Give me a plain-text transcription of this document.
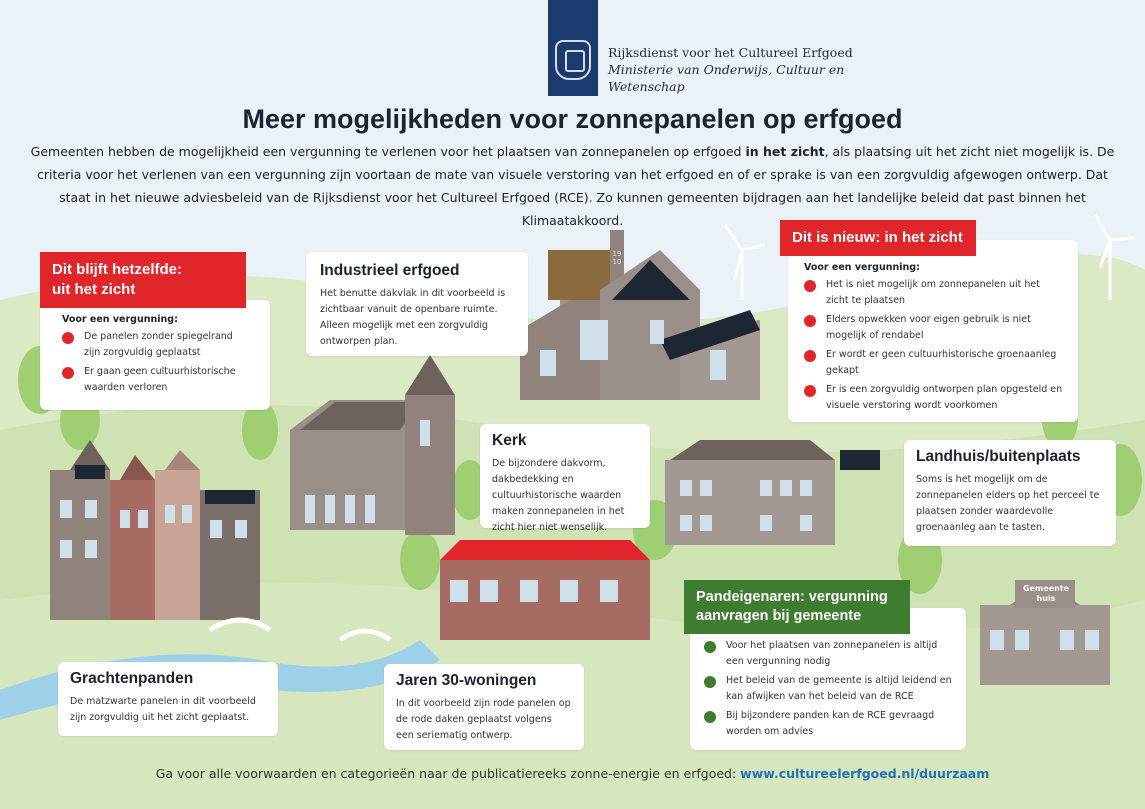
Rijksdienst voor het Cultureel Erfgoed
Ministerie van Onderwijs, Cultuur en
Wetenschap
Meer mogelijkheden voor zonnepanelen op erfgoed
Gemeenten hebben de mogelijkheid een vergunning te verlenen voor het plaatsen van zonnepanelen op erfgoed in het zicht, als plaatsing uit het zicht niet mogelijk is. De criteria voor het verlenen van een vergunning zijn voortaan de mate van visuele verstoring van het erfgoed en of er sprake is van een zorgvuldig afgewogen ontwerp. Dat staat in het nieuwe adviesbeleid van de Rijksdienst voor het Cultureel Erfgoed (RCE). Zo kunnen gemeenten bijdragen aan het landelijke beleid dat past binnen het Klimaatakkoord.
Voor een vergunning:
De panelen zonder spiegelrand zijn zorgvuldig geplaatst
Er gaan geen cultuurhistorische waarden verloren
Dit blijft hetzelfde:
uit het zicht
Industrieel erfgoed

Het benutte dakvlak in dit voorbeeld is zichtbaar vanuit de openbare ruimte. Alleen mogelijk met een zorgvuldig ontworpen plan.

Voor een vergunning:
Het is niet mogelijk om zonnepanelen uit het zicht te plaatsen
Elders opwekken voor eigen gebruik is niet mogelijk of rendabel
Er wordt er geen cultuurhistorische groenaanleg gekapt
Er is een zorgvuldig ontworpen plan opgesteld en visuele verstoring wordt voorkomen
Dit is nieuw: in het zicht
Kerk

De bijzondere dakvorm, dakbedekking en cultuurhistorische waarden maken zonnepanelen in het zicht hier niet wenselijk.

Landhuis/buitenplaats

Soms is het mogelijk om de zonnepanelen elders op het perceel te plaatsen zonder waardevolle groenaanleg aan te tasten.

Grachtenpanden

De matzwarte panelen in dit voorbeeld zijn zorgvuldig uit het zicht geplaatst.

Jaren 30-woningen

In dit voorbeeld zijn rode panelen op de rode daken geplaatst volgens een seriematig ontwerp.

Voor het plaatsen van zonnepanelen is altijd een vergunning nodig
Het beleid van de gemeente is altijd leidend en kan afwijken van het beleid van de RCE
Bij bijzondere panden kan de RCE gevraagd worden om advies
Pandeigenaren: vergunning
aanvragen bij gemeente
Gemeente
huis
1910
Ga voor alle voorwaarden en categorieën naar de publicatiereeks zonne-energie en erfgoed: www.cultureelerfgoed.nl/duurzaam
